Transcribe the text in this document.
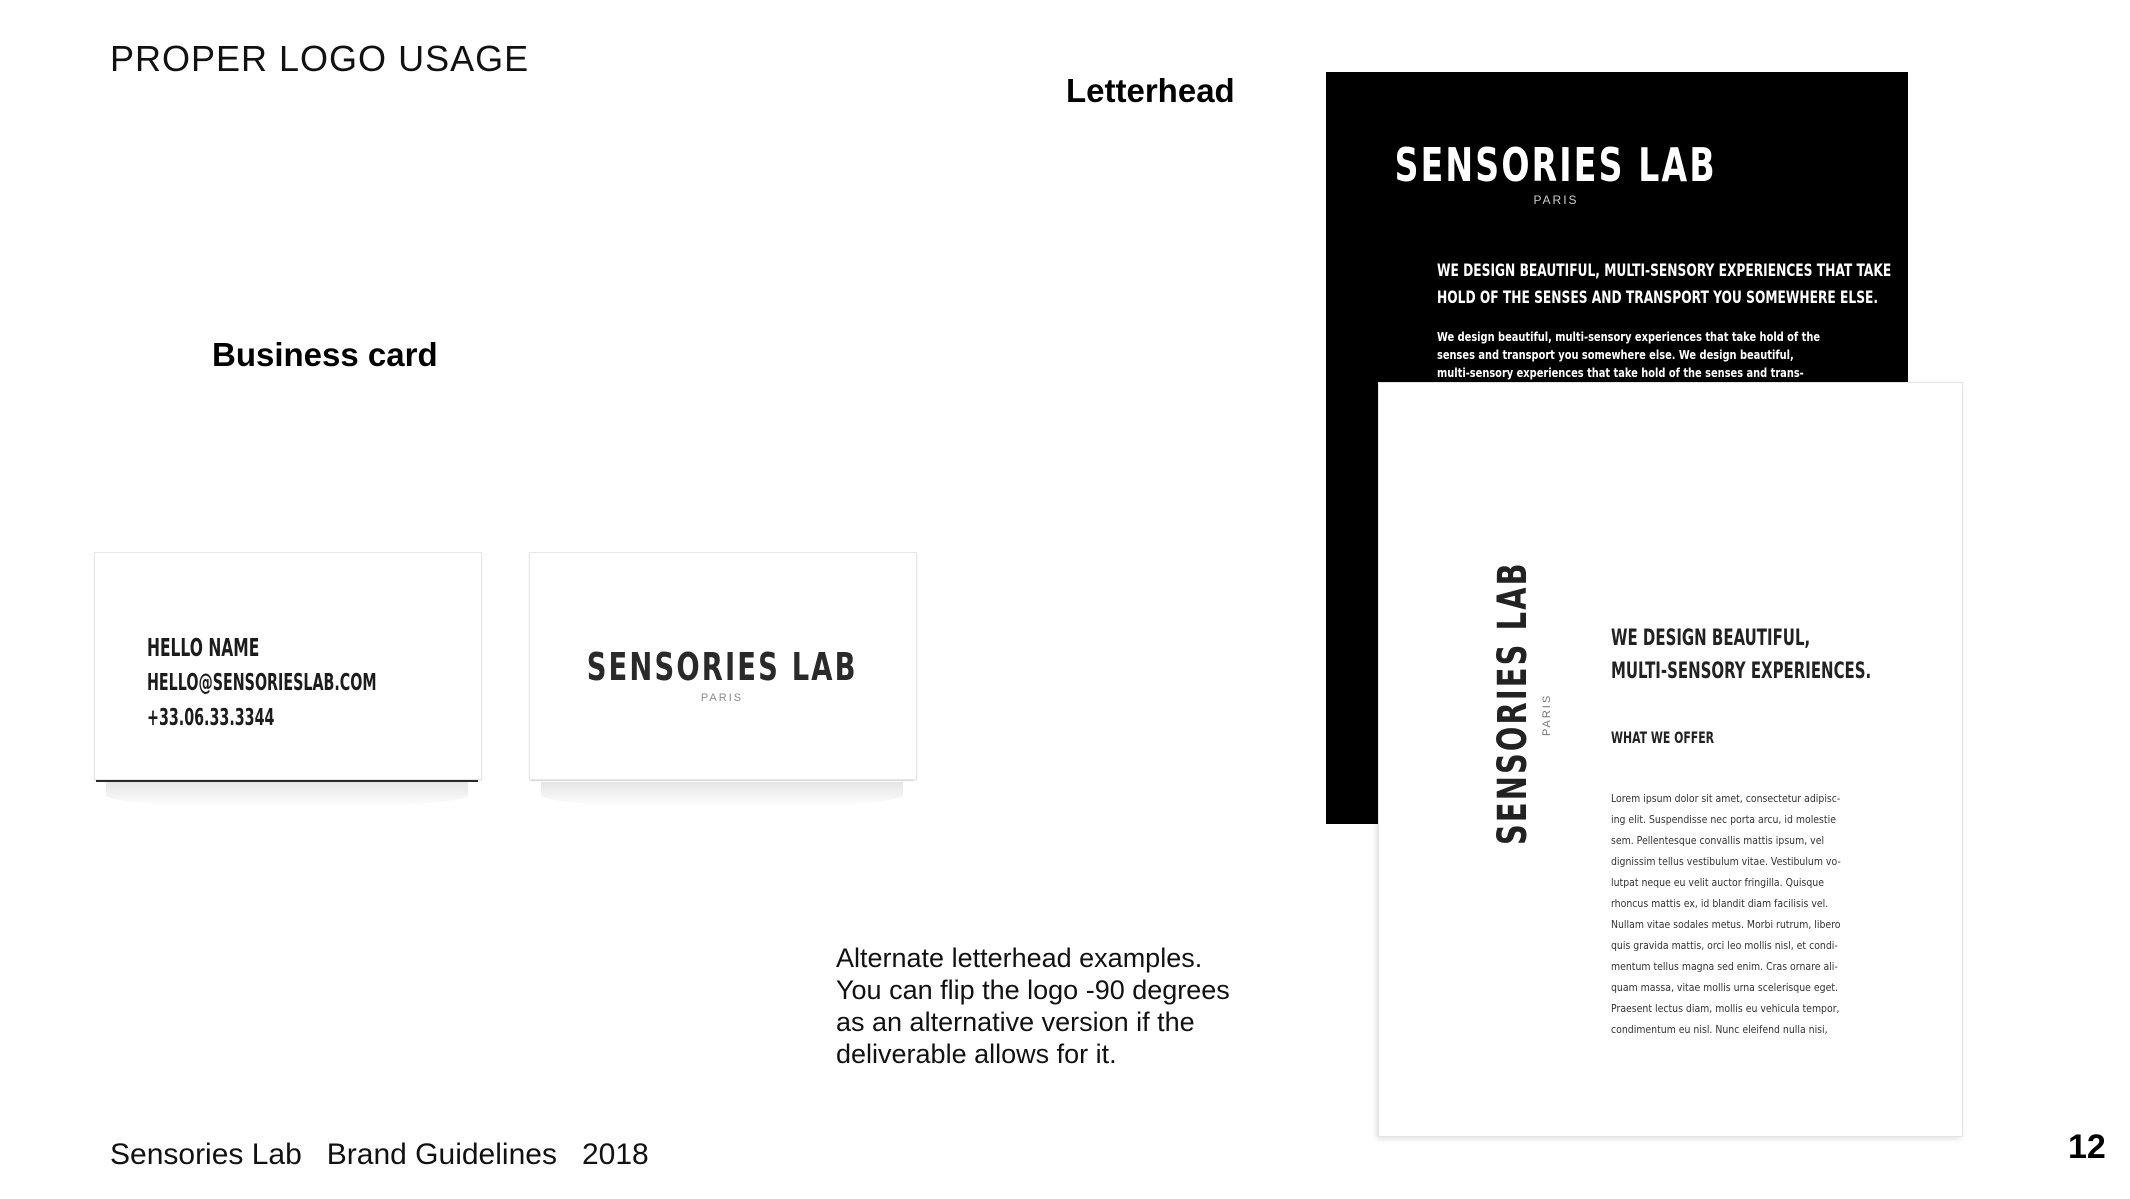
PROPER LOGO USAGE
Letterhead
Business card
HELLO NAME
HELLO@SENSORIESLAB.COM
+33.06.33.3344
SENSORIES LAB
PARIS
SENSORIES LAB
PARIS
WE DESIGN BEAUTIFUL, MULTI-SENSORY EXPERIENCES THAT TAKE
HOLD OF THE SENSES AND TRANSPORT YOU SOMEWHERE ELSE.
We design beautiful, multi-sensory experiences that take hold of the
senses and transport you somewhere else. We design beautiful,
multi-sensory experiences that take hold of the senses and trans-
SENSORIES LAB PARIS
WE DESIGN BEAUTIFUL,
MULTI-SENSORY EXPERIENCES.
WHAT WE OFFER
Lorem ipsum dolor sit amet, consectetur adipisc-
ing elit. Suspendisse nec porta arcu, id molestie
sem. Pellentesque convallis mattis ipsum, vel
dignissim tellus vestibulum vitae. Vestibulum vo-
lutpat neque eu velit auctor fringilla. Quisque
rhoncus mattis ex, id blandit diam facilisis vel.
Nullam vitae sodales metus. Morbi rutrum, libero
quis gravida mattis, orci leo mollis nisl, et condi-
mentum tellus magna sed enim. Cras ornare ali-
quam massa, vitae mollis urna scelerisque eget.
Praesent lectus diam, mollis eu vehicula tempor,
condimentum eu nisl. Nunc eleifend nulla nisi,
Alternate letterhead examples.
You can flip the logo -90 degrees
as an alternative version if the
deliverable allows for it.
Sensories Lab   Brand Guidelines   2018	12
